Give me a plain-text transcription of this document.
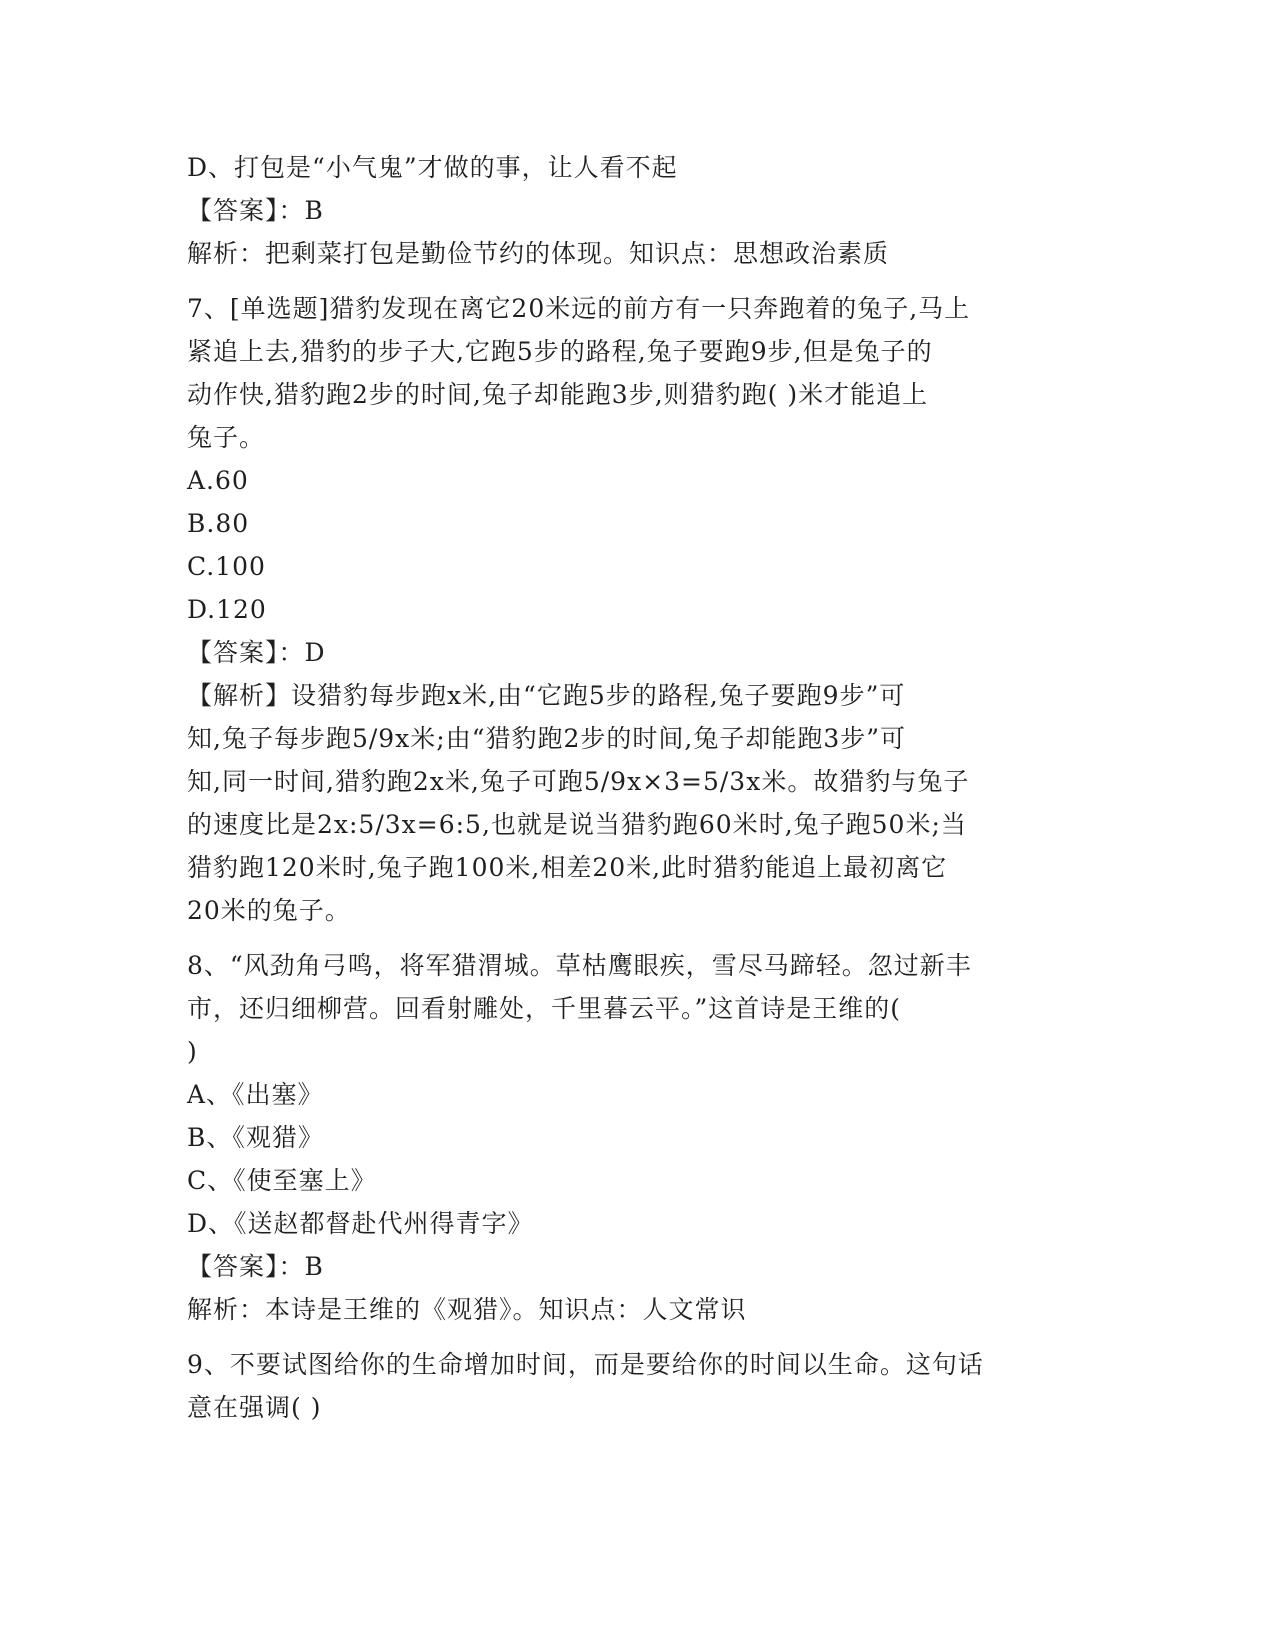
D、打包是“小气鬼”才做的事，让人看不起
【答案】：B
解析：把剩菜打包是勤俭节约的体现。知识点：思想政治素质
7、[单选题]猎豹发现在离它20米远的前方有一只奔跑着的兔子,马上
紧追上去,猎豹的步子大,它跑5步的路程,兔子要跑9步,但是兔子的
动作快,猎豹跑2步的时间,兔子却能跑3步,则猎豹跑( )米才能追上
兔子。
A.60
B.80
C.100
D.120
【答案】：D
【解析】设猎豹每步跑x米,由“它跑5步的路程,兔子要跑9步”可
知,兔子每步跑5/9x米;由“猎豹跑2步的时间,兔子却能跑3步”可
知,同一时间,猎豹跑2x米,兔子可跑5/9x×3=5/3x米。故猎豹与兔子
的速度比是2x:5/3x=6:5,也就是说当猎豹跑60米时,兔子跑50米;当
猎豹跑120米时,兔子跑100米,相差20米,此时猎豹能追上最初离它
20米的兔子。
8、“风劲角弓鸣，将军猎渭城。草枯鹰眼疾，雪尽马蹄轻。忽过新丰
市，还归细柳营。回看射雕处，千里暮云平。”这首诗是王维的(
)
A、《出塞》
B、《观猎》
C、《使至塞上》
D、《送赵都督赴代州得青字》
【答案】：B
解析：本诗是王维的《观猎》。知识点：人文常识
9、不要试图给你的生命增加时间，而是要给你的时间以生命。这句话
意在强调( )
